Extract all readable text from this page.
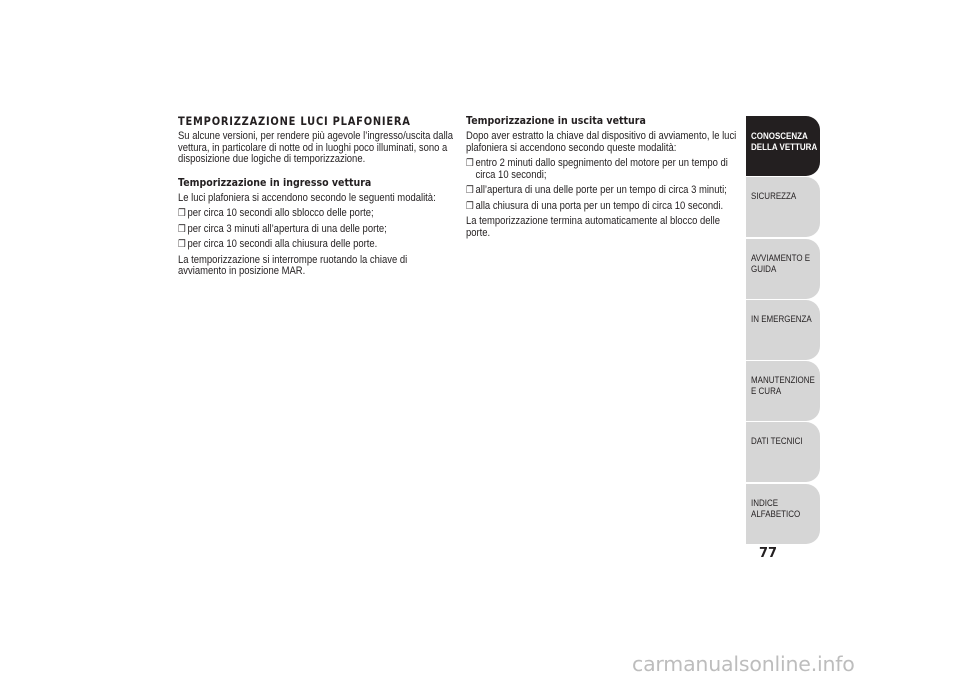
TEMPORIZZAZIONE LUCI PLAFONIERA

Su alcune versioni, per rendere più agevole l’ingresso/uscita dalla vettura, in particolare di notte od in luoghi poco illuminati, sono a disposizione due logiche di temporizzazione.

Temporizzazione in ingresso vettura

Le luci plafoniera si accendono secondo le seguenti modalità:

❒ per circa 10 secondi allo sblocco delle porte;
❒ per circa 3 minuti all’apertura di una delle porte;
❒ per circa 10 secondi alla chiusura delle porte.

La temporizzazione si interrompe ruotando la chiave di avviamento in posizione MAR.

Temporizzazione in uscita vettura

Dopo aver estratto la chiave dal dispositivo di avviamento, le luci plafoniera si accendono secondo queste modalità:

❒ entro 2 minuti dallo spegnimento del motore per un tempo di circa 10 secondi;
❒ all’apertura di una delle porte per un tempo di circa 3 minuti;
❒ alla chiusura di una porta per un tempo di circa 10 secondi.

La temporizzazione termina automaticamente al blocco delle porte.

CONOSCENZA DELLA VETTURA
SICUREZZA
AVVIAMENTO E GUIDA
IN EMERGENZA
MANUTENZIONE E CURA
DATI TECNICI
INDICE ALFABETICO
77
carmanualsonline.info
